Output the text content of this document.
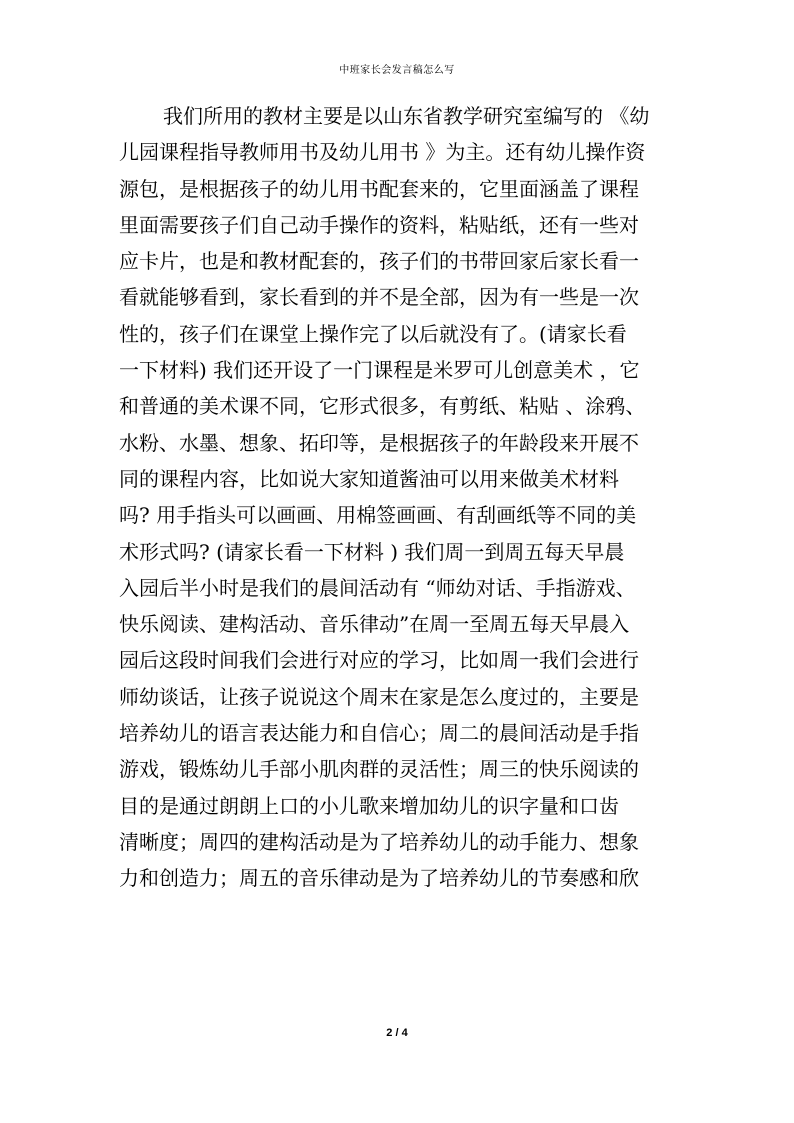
中班家长会发言稿怎么写
我们所用的教材主要是以山东省教学研究室编写的 《幼
儿园课程指导教师用书及幼儿用书 》为主。还有幼儿操作资
源包，是根据孩子的幼儿用书配套来的，它里面涵盖了课程
里面需要孩子们自己动手操作的资料，粘贴纸，还有一些对
应卡片，也是和教材配套的，孩子们的书带回家后家长看一
看就能够看到，家长看到的并不是全部，因为有一些是一次
性的，孩子们在课堂上操作完了以后就没有了。(请家长看
一下材料) 我们还开设了一门课程是米罗可儿创意美术 ，它
和普通的美术课不同，它形式很多，有剪纸、粘贴 、涂鸦、
水粉、水墨、想象、拓印等，是根据孩子的年龄段来开展不
同的课程内容，比如说大家知道酱油可以用来做美术材料
吗? 用手指头可以画画、用棉签画画、有刮画纸等不同的美
术形式吗? (请家长看一下材料 ) 我们周一到周五每天早晨
入园后半小时是我们的晨间活动有 “师幼对话、手指游戏、
快乐阅读、建构活动、音乐律动”在周一至周五每天早晨入
园后这段时间我们会进行对应的学习，比如周一我们会进行
师幼谈话，让孩子说说这个周末在家是怎么度过的，主要是
培养幼儿的语言表达能力和自信心；周二的晨间活动是手指
游戏，锻炼幼儿手部小肌肉群的灵活性；周三的快乐阅读的
目的是通过朗朗上口的小儿歌来增加幼儿的识字量和口齿
清晰度；周四的建构活动是为了培养幼儿的动手能力、想象
力和创造力；周五的音乐律动是为了培养幼儿的节奏感和欣
2 / 4
